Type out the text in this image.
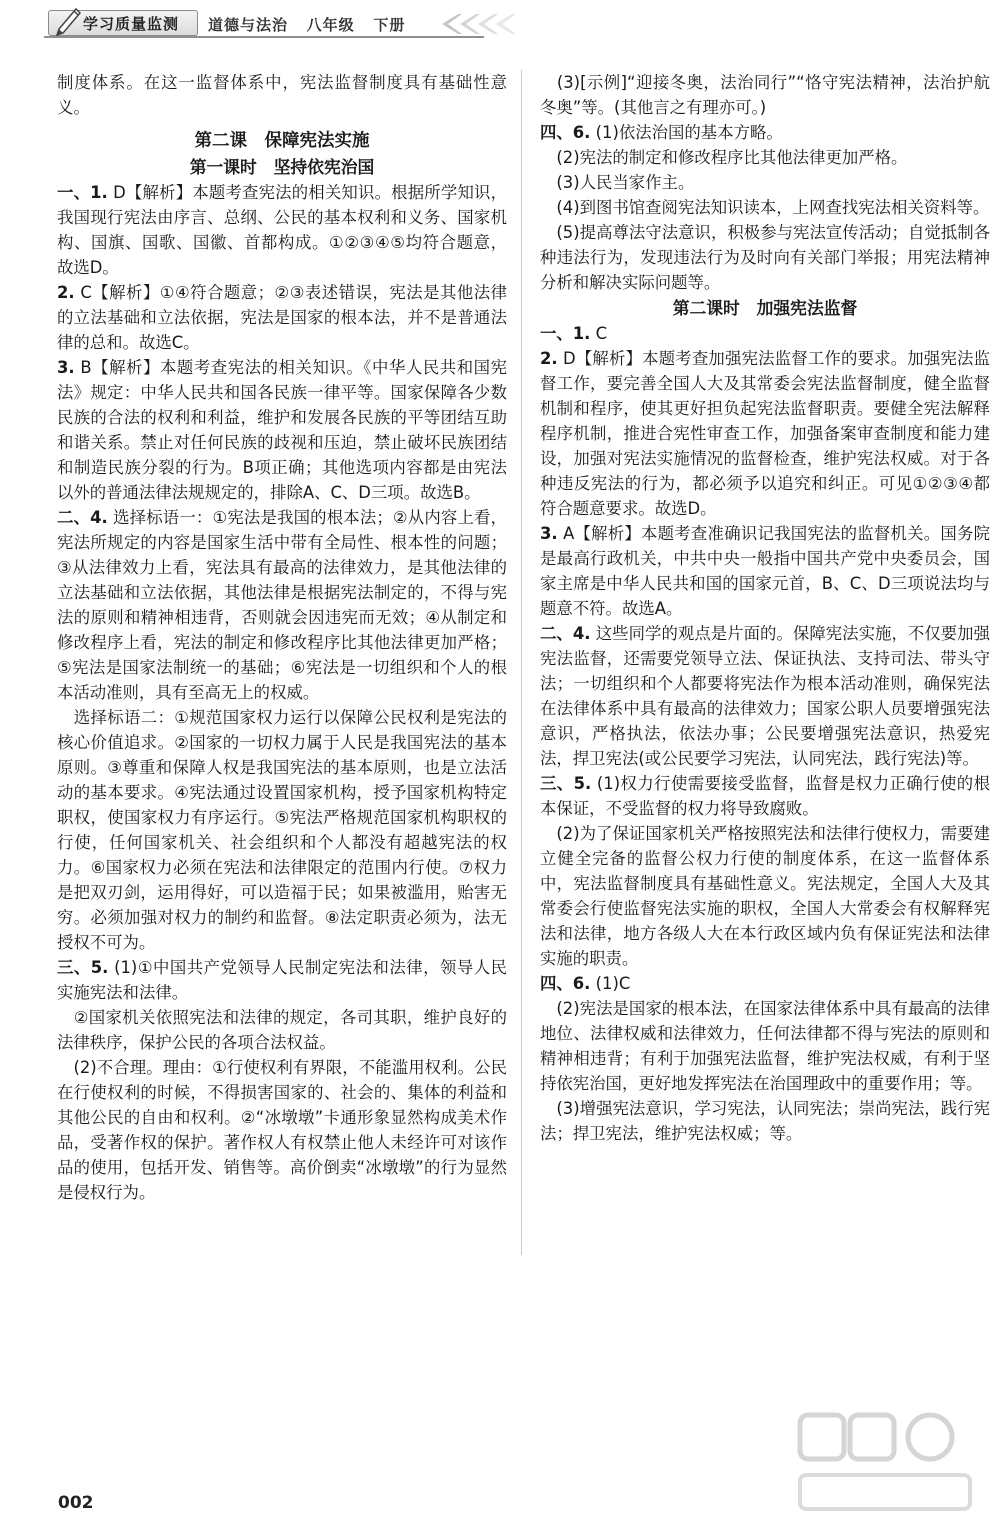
学习质量监测 道德与法治   八年级   下册

制度体系。在这一监督体系中，宪法监督制度具有基础性意义。

第二课　保障宪法实施

第一课时　坚持依宪治国

一、1. D【解析】本题考查宪法的相关知识。根据所学知识，我国现行宪法由序言、总纲、公民的基本权利和义务、国家机构、国旗、国歌、国徽、首都构成。①②③④⑤均符合题意，故选D。

2. C【解析】①④符合题意；②③表述错误，宪法是其他法律的立法基础和立法依据，宪法是国家的根本法，并不是普通法律的总和。故选C。

3. B【解析】本题考查宪法的相关知识。《中华人民共和国宪法》规定：中华人民共和国各民族一律平等。国家保障各少数民族的合法的权利和利益，维护和发展各民族的平等团结互助和谐关系。禁止对任何民族的歧视和压迫，禁止破坏民族团结和制造民族分裂的行为。B项正确；其他选项内容都是由宪法以外的普通法律法规规定的，排除A、C、D三项。故选B。

二、4. 选择标语一：①宪法是我国的根本法；②从内容上看，宪法所规定的内容是国家生活中带有全局性、根本性的问题；③从法律效力上看，宪法具有最高的法律效力，是其他法律的立法基础和立法依据，其他法律是根据宪法制定的，不得与宪法的原则和精神相违背，否则就会因违宪而无效；④从制定和修改程序上看，宪法的制定和修改程序比其他法律更加严格；⑤宪法是国家法制统一的基础；⑥宪法是一切组织和个人的根本活动准则，具有至高无上的权威。

　选择标语二：①规范国家权力运行以保障公民权利是宪法的核心价值追求。②国家的一切权力属于人民是我国宪法的基本原则。③尊重和保障人权是我国宪法的基本原则，也是立法活动的基本要求。④宪法通过设置国家机构，授予国家机构特定职权，使国家权力有序运行。⑤宪法严格规范国家机构职权的行使，任何国家机关、社会组织和个人都没有超越宪法的权力。⑥国家权力必须在宪法和法律限定的范围内行使。⑦权力是把双刃剑，运用得好，可以造福于民；如果被滥用，贻害无穷。必须加强对权力的制约和监督。⑧法定职责必须为，法无授权不可为。

三、5. (1)①中国共产党领导人民制定宪法和法律，领导人民实施宪法和法律。

　②国家机关依照宪法和法律的规定，各司其职，维护良好的法律秩序，保护公民的各项合法权益。

　(2)不合理。理由：①行使权利有界限，不能滥用权利。公民在行使权利的时候，不得损害国家的、社会的、集体的利益和其他公民的自由和权利。②“冰墩墩”卡通形象显然构成美术作品，受著作权的保护。著作权人有权禁止他人未经许可对该作品的使用，包括开发、销售等。高价倒卖“冰墩墩”的行为显然是侵权行为。

　(3)[示例]“迎接冬奥，法治同行”“恪守宪法精神，法治护航冬奥”等。(其他言之有理亦可。)

四、6. (1)依法治国的基本方略。

　(2)宪法的制定和修改程序比其他法律更加严格。

　(3)人民当家作主。

　(4)到图书馆查阅宪法知识读本，上网查找宪法相关资料等。

　(5)提高尊法守法意识，积极参与宪法宣传活动；自觉抵制各种违法行为，发现违法行为及时向有关部门举报；用宪法精神分析和解决实际问题等。

第二课时　加强宪法监督

一、1. C

2. D【解析】本题考查加强宪法监督工作的要求。加强宪法监督工作，要完善全国人大及其常委会宪法监督制度，健全监督机制和程序，使其更好担负起宪法监督职责。要健全宪法解释程序机制，推进合宪性审查工作，加强备案审查制度和能力建设，加强对宪法实施情况的监督检查，维护宪法权威。对于各种违反宪法的行为，都必须予以追究和纠正。可见①②③④都符合题意要求。故选D。

3. A【解析】本题考查准确识记我国宪法的监督机关。国务院是最高行政机关，中共中央一般指中国共产党中央委员会，国家主席是中华人民共和国的国家元首，B、C、D三项说法均与题意不符。故选A。

二、4. 这些同学的观点是片面的。保障宪法实施，不仅要加强宪法监督，还需要党领导立法、保证执法、支持司法、带头守法；一切组织和个人都要将宪法作为根本活动准则，确保宪法在法律体系中具有最高的法律效力；国家公职人员要增强宪法意识，严格执法，依法办事；公民要增强宪法意识，热爱宪法，捍卫宪法(或公民要学习宪法，认同宪法，践行宪法)等。

三、5. (1)权力行使需要接受监督，监督是权力正确行使的根本保证，不受监督的权力将导致腐败。

　(2)为了保证国家机关严格按照宪法和法律行使权力，需要建立健全完备的监督公权力行使的制度体系，在这一监督体系中，宪法监督制度具有基础性意义。宪法规定，全国人大及其常委会行使监督宪法实施的职权，全国人大常委会有权解释宪法和法律，地方各级人大在本行政区域内负有保证宪法和法律实施的职责。

四、6. (1)C

　(2)宪法是国家的根本法，在国家法律体系中具有最高的法律地位、法律权威和法律效力，任何法律都不得与宪法的原则和精神相违背；有利于加强宪法监督，维护宪法权威，有利于坚持依宪治国，更好地发挥宪法在治国理政中的重要作用；等。

　(3)增强宪法意识，学习宪法，认同宪法；崇尚宪法，践行宪法；捍卫宪法，维护宪法权威；等。

002
